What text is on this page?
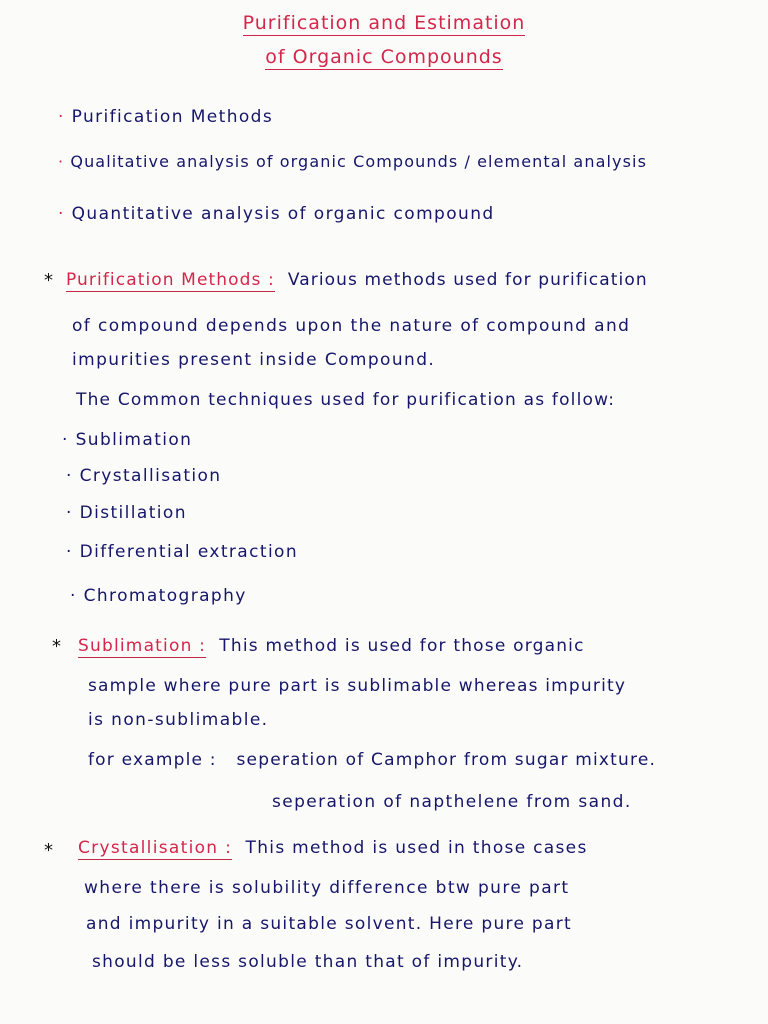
Purification and Estimation
of Organic Compounds
· Purification Methods
· Qualitative analysis of organic Compounds / elemental analysis
· Quantitative analysis of organic compound
* Purification Methods : Various methods used for purification
of compound depends upon the nature of compound and
impurities present inside Compound.
The Common techniques used for purification as follow:
· Sublimation
· Crystallisation
· Distillation
· Differential extraction
· Chromatography
* Sublimation : This method is used for those organic
sample where pure part is sublimable whereas impurity
is non-sublimable.
for example : seperation of Camphor from sugar mixture.
seperation of napthelene from sand.
* Crystallisation : This method is used in those cases
where there is solubility difference btw pure part
and impurity in a suitable solvent. Here pure part
should be less soluble than that of impurity.
